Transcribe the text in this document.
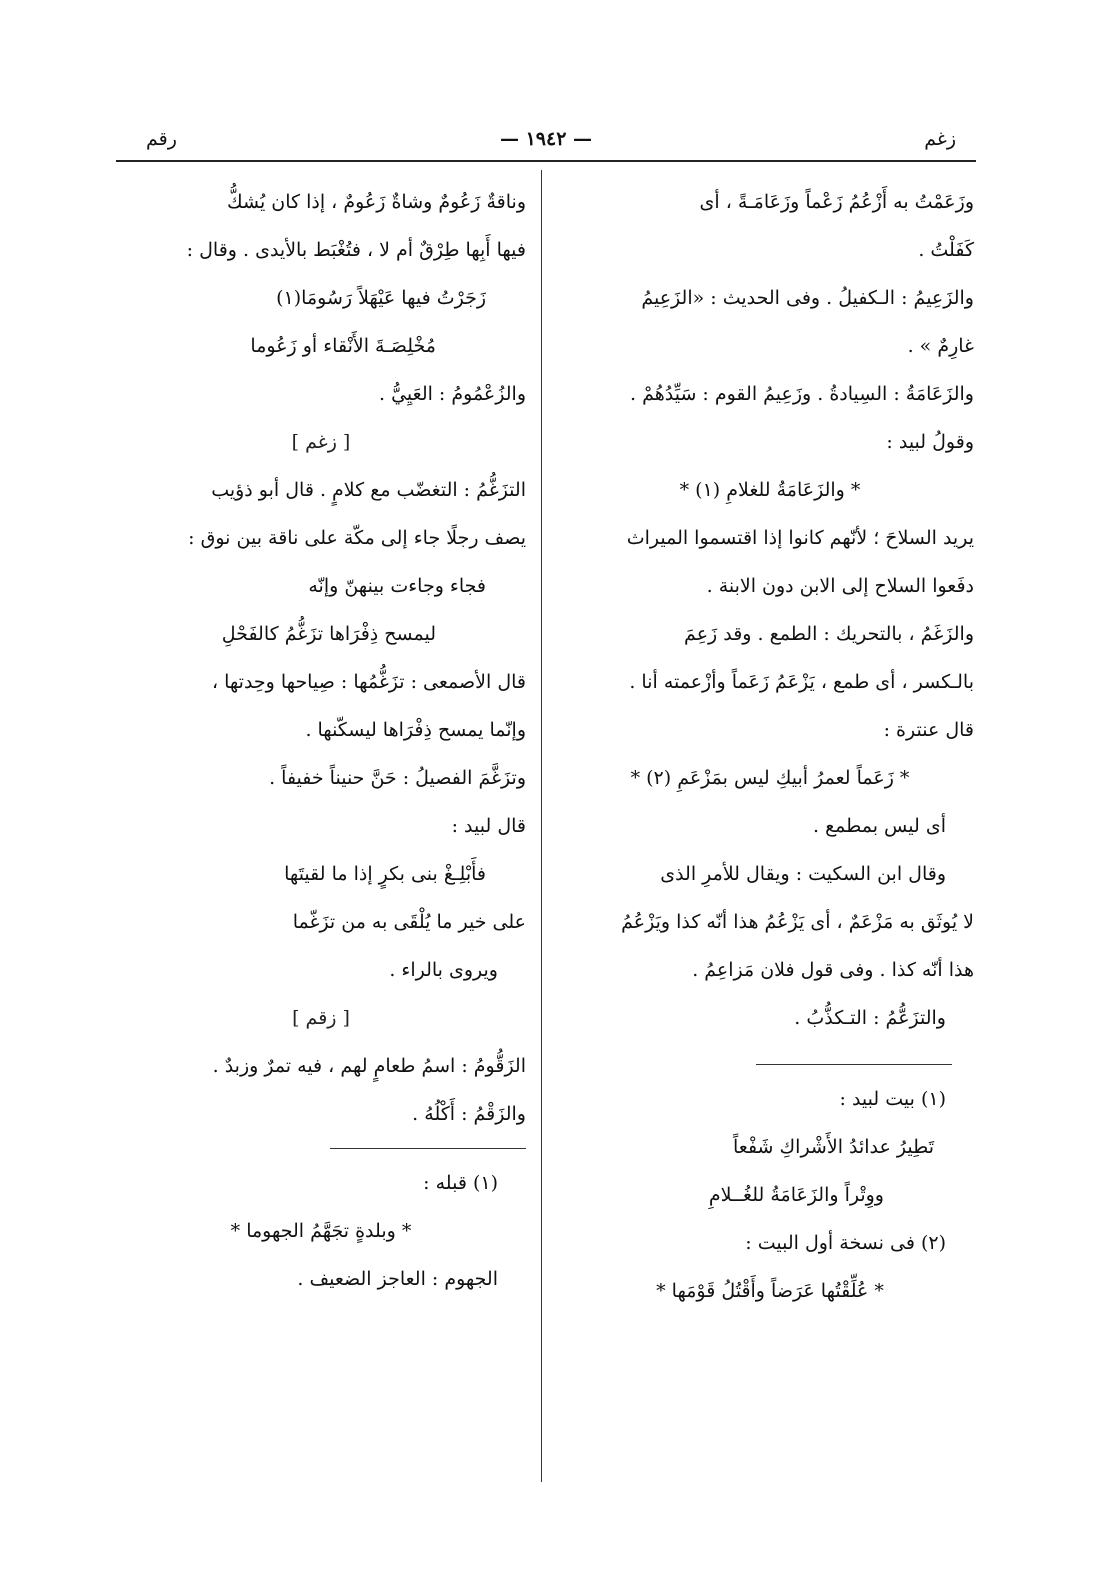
زغم
— ١٩٤٢ —
رقم
وزَعَمْتُ به أَزْعُمُ زَعْماً وزَعَامَـةً ، أى
كَفَلْتُ .
والزَعِيمُ : الـكفيلُ . وفى الحديث : «الزَعِيمُ
غارِمٌ » .
والزَعَامَةُ : السِيادةُ . وزَعِيمُ القوم : سَيِّدُهُمْ .
وقولُ لبيد :
* والزَعَامَةُ للغلامِ (١) *
يريد السلاحَ ؛ لأنّهم كانوا إذا اقتسموا الميراث
دفَعوا السلاح إلى الابن دون الابنة .
والزَغَمُ ، بالتحريك : الطمع . وقد زَعِمَ
بالـكسر ، أى طمع ، يَزْعَمُ زَعَماً وأزْعمته أنا .
قال عنترة :
* زَعَماً لعمرُ أبيكِ ليس بمَزْعَمِ (٢) *
أى ليس بمطمع .
وقال ابن السكيت : ويقال للأمرِ الذى
لا يُوثَق به مَزْعَمٌ ، أى يَزْعُمُ هذا أنّه كذا ويَزْعُمُ
هذا أنّه كذا . وفى قول فلان مَزاعِمُ .
والتزَعُّمُ : التـكذُّبُ .
(١) بيت لبيد :
تَطِيرُ عدائدُ الأَشْراكِ شَفْعاً
ووِتْراً والزَعَامَةُ للغُــلامِ
(٢) فى نسخة أول البيت :
* عُلِّقْتُها عَرَضاً وأَقْتُلُ قَوْمَها *
وناقةٌ زَعُومٌ وشاةٌ زَعُومٌ ، إذا كان يُشكُّ
فيها أَبِها طِرْقٌ أم لا ، فتُغْبَط بالأيدى . وقال :
زَجَرْتُ فيها عَيْهَلاً رَسُومَا(١)
مُخْلِصَـةَ الأَنْقاء أو زَعُوما
والزُعْمُومُ : العَيِيُّ .
[ زغم ]
التزَغُّمُ : التغضّب مع كلامٍ . قال أبو ذؤيب
يصف رجلًا جاء إلى مكّة على ناقة بين نوق :
فجاء وجاءت بينهنّ وإنّه
ليمسح ذِفْرَاها تزَغُّمُ كالفَحْلِ
قال الأصمعى : تزَغُّمُها : صِياحها وحِدتها ،
وإنّما يمسح ذِفْرَاها ليسكّنها .
وتزَغَّمَ الفصيلُ : حَنَّ حنيناً خفيفاً .
قال لبيد :
فأَبْلِـغْ بنى بكرٍ إذا ما لقيتَها
على خير ما يُلْقَى به من تزَغّما
ويروى بالراء .
[ زقم ]
الزَقُّومُ : اسمُ طعامٍ لهم ، فيه تمرٌ وزبدٌ .
والزَقْمُ : أَكْلُهُ .
(١) قبله :
* وبلدةٍ تجَهَّمُ الجهوما *
الجهوم : العاجز الضعيف .
